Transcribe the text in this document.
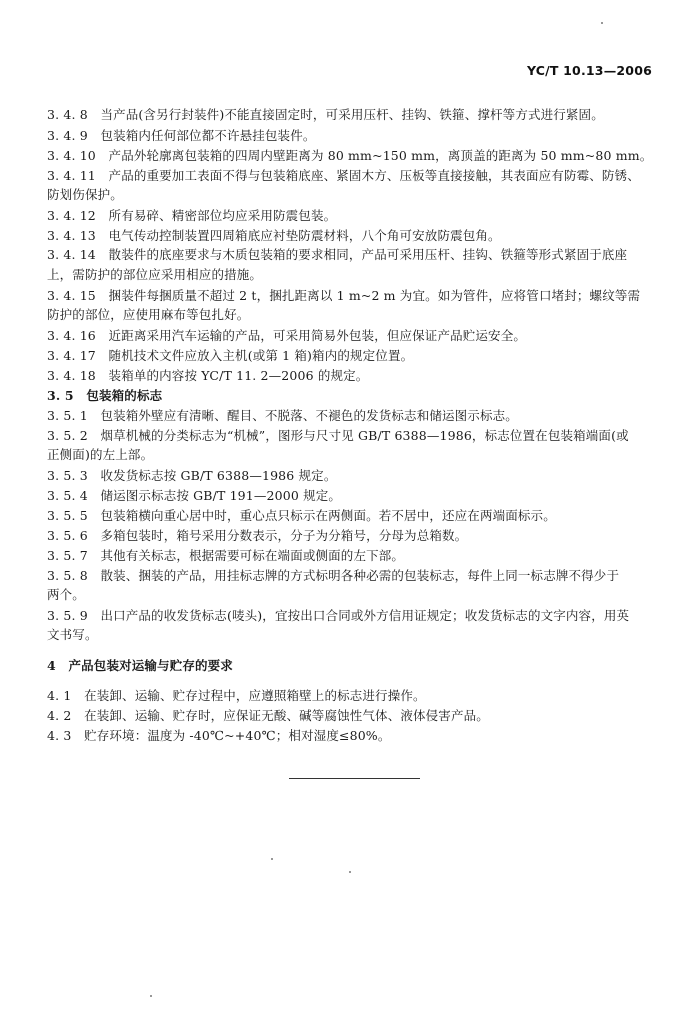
YC/T 10.13—2006
3. 4. 8　当产品(含另行封装件)不能直接固定时，可采用压杆、挂钩、铁箍、撑杆等方式进行紧固。
3. 4. 9　包装箱内任何部位都不许悬挂包装件。
3. 4. 10　产品外轮廓离包装箱的四周内壁距离为 80 mm~150 mm，离顶盖的距离为 50 mm~80 mm。
3. 4. 11　产品的重要加工表面不得与包装箱底座、紧固木方、压板等直接接触，其表面应有防霉、防锈、
防划伤保护。
3. 4. 12　所有易碎、精密部位均应采用防震包装。
3. 4. 13　电气传动控制装置四周箱底应衬垫防震材料，八个角可安放防震包角。
3. 4. 14　散装件的底座要求与木质包装箱的要求相同，产品可采用压杆、挂钩、铁箍等形式紧固于底座
上，需防护的部位应采用相应的措施。
3. 4. 15　捆装件每捆质量不超过 2 t，捆扎距离以 1 m~2 m 为宜。如为管件，应将管口堵封；螺纹等需
防护的部位，应使用麻布等包扎好。
3. 4. 16　近距离采用汽车运输的产品，可采用简易外包装，但应保证产品贮运安全。
3. 4. 17　随机技术文件应放入主机(或第 1 箱)箱内的规定位置。
3. 4. 18　装箱单的内容按 YC/T 11. 2—2006 的规定。
3. 5　包装箱的标志
3. 5. 1　包装箱外壁应有清晰、醒目、不脱落、不褪色的发货标志和储运图示标志。
3. 5. 2　烟草机械的分类标志为“机械”，图形与尺寸见 GB/T 6388—1986，标志位置在包装箱端面(或
正侧面)的左上部。
3. 5. 3　收发货标志按 GB/T 6388—1986 规定。
3. 5. 4　储运图示标志按 GB/T 191—2000 规定。
3. 5. 5　包装箱横向重心居中时，重心点只标示在两侧面。若不居中，还应在两端面标示。
3. 5. 6　多箱包装时，箱号采用分数表示，分子为分箱号，分母为总箱数。
3. 5. 7　其他有关标志，根据需要可标在端面或侧面的左下部。
3. 5. 8　散装、捆装的产品，用挂标志牌的方式标明各种必需的包装标志，每件上同一标志牌不得少于
两个。
3. 5. 9　出口产品的收发货标志(唛头)，宜按出口合同或外方信用证规定；收发货标志的文字内容，用英
文书写。
4　产品包装对运输与贮存的要求
4. 1　在装卸、运输、贮存过程中，应遵照箱壁上的标志进行操作。
4. 2　在装卸、运输、贮存时，应保证无酸、碱等腐蚀性气体、液体侵害产品。
4. 3　贮存环境：温度为 -40℃~+40℃；相对湿度≤80%。
